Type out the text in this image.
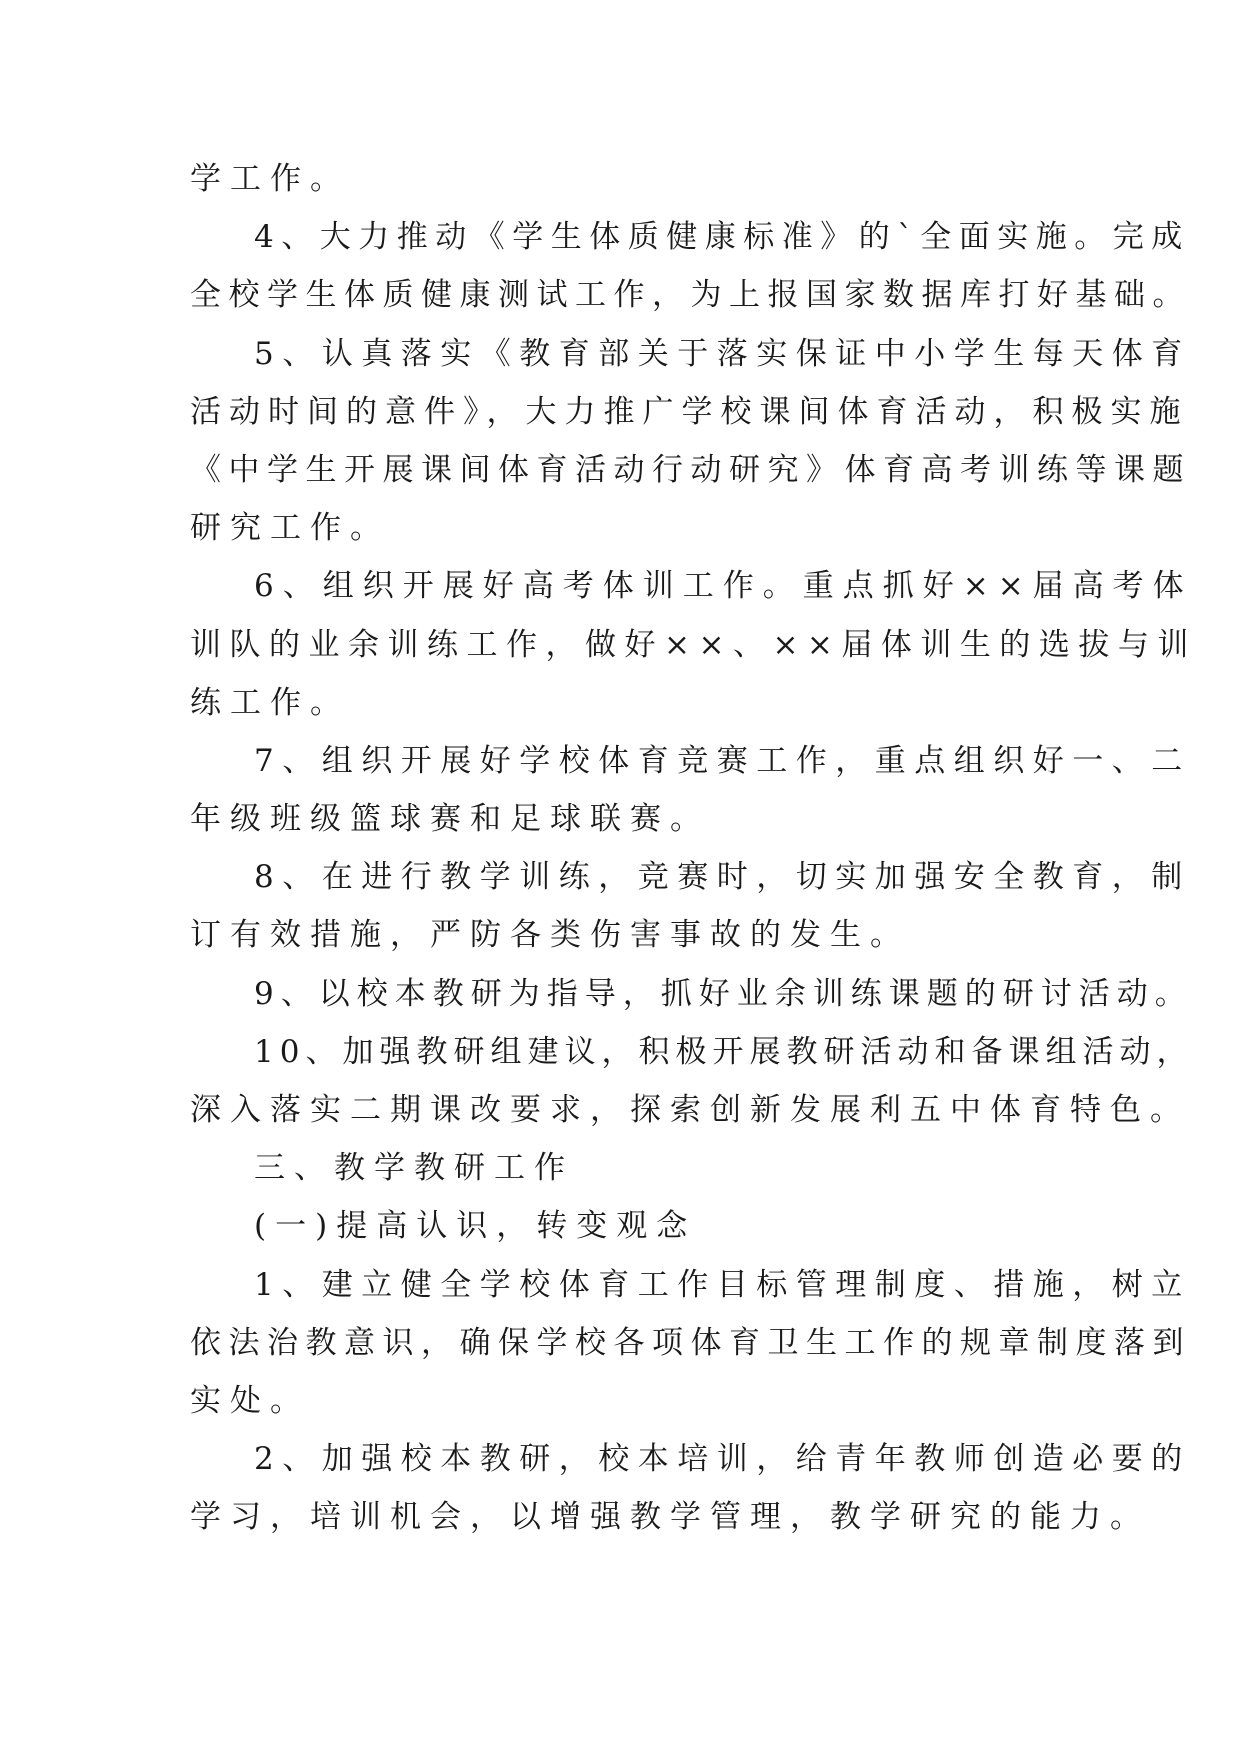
学工作。
4、大力推动《学生体质健康标准》的`全面实施。完成
全校学生体质健康测试工作，为上报国家数据库打好基础。
5、认真落实《教育部关于落实保证中小学生每天体育
活动时间的意件》，大力推广学校课间体育活动，积极实施
《中学生开展课间体育活动行动研究》体育高考训练等课题
研究工作。
6、组织开展好高考体训工作。重点抓好××届高考体
训队的业余训练工作，做好××、××届体训生的选拔与训
练工作。
7、组织开展好学校体育竞赛工作，重点组织好一、二
年级班级篮球赛和足球联赛。
8、在进行教学训练，竞赛时，切实加强安全教育，制
订有效措施，严防各类伤害事故的发生。
9、以校本教研为指导，抓好业余训练课题的研讨活动。
10、加强教研组建议，积极开展教研活动和备课组活动，
深入落实二期课改要求，探索创新发展利五中体育特色。
三、教学教研工作
(一)提高认识，转变观念
1、建立健全学校体育工作目标管理制度、措施，树立
依法治教意识，确保学校各项体育卫生工作的规章制度落到
实处。
2、加强校本教研，校本培训，给青年教师创造必要的
学习，培训机会，以增强教学管理，教学研究的能力。
